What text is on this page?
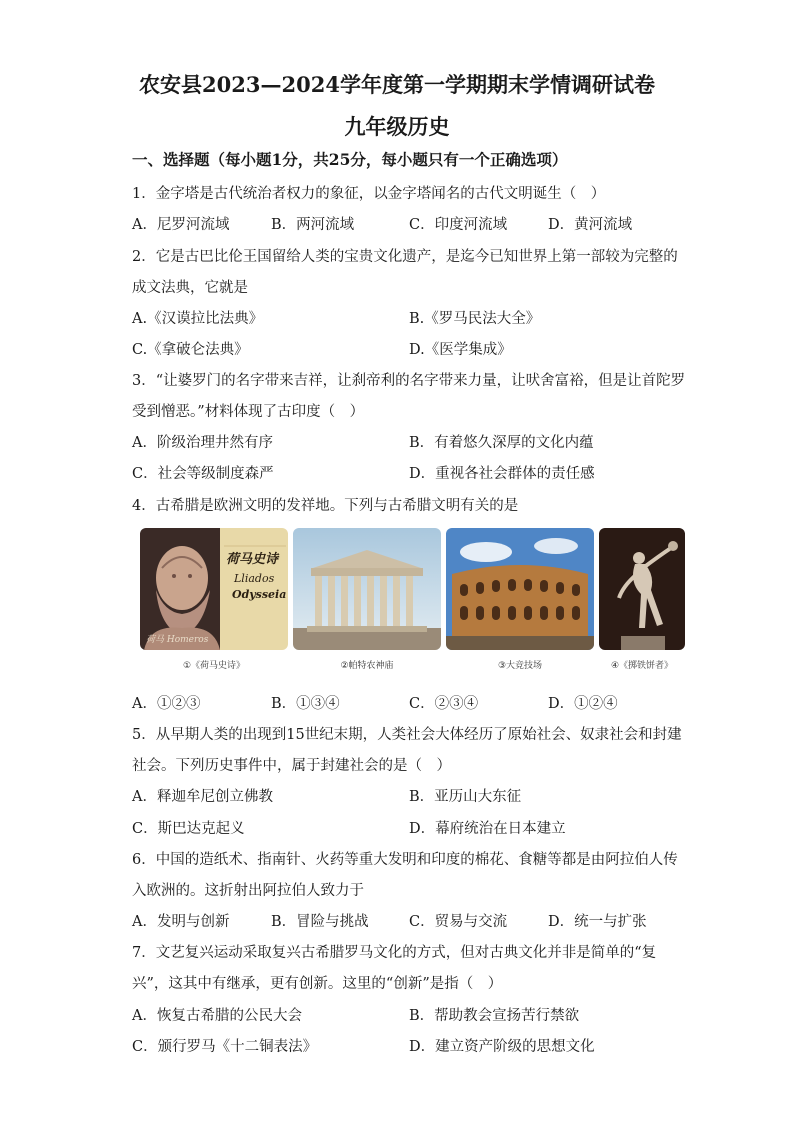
农安县2023—2024学年度第一学期期末学情调研试卷
九年级历史
一、选择题（每小题1分，共25分，每小题只有一个正确选项）
1．金字塔是古代统治者权力的象征，以金字塔闻名的古代文明诞生（　）
A．尼罗河流域	B．两河流域	C．印度河流域	D．黄河流域
2．它是古巴比伦王国留给人类的宝贵文化遗产，是迄今已知世界上第一部较为完整的
成文法典，它就是
A.《汉谟拉比法典》	B.《罗马民法大全》
C.《拿破仑法典》	D.《医学集成》
3．“让婆罗门的名字带来吉祥，让刹帝利的名字带来力量，让吠舍富裕，但是让首陀罗
受到憎恶。”材料体现了古印度（　）
A．阶级治理井然有序	B．有着悠久深厚的文化内蕴
C．社会等级制度森严	D．重视各社会群体的责任感
4．古希腊是欧洲文明的发祥地。下列与古希腊文明有关的是
荷马史诗
Lliados
Odysseia
荷马 Homeros
①《荷马史诗》	②帕特农神庙	③大竞技场	④《掷铁饼者》
A．①②③	B．①③④	C．②③④	D．①②④
5．从早期人类的出现到15世纪末期，人类社会大体经历了原始社会、奴隶社会和封建
社会。下列历史事件中，属于封建社会的是（　）
A．释迦牟尼创立佛教	B．亚历山大东征
C．斯巴达克起义	D．幕府统治在日本建立
6．中国的造纸术、指南针、火药等重大发明和印度的棉花、食糖等都是由阿拉伯人传
入欧洲的。这折射出阿拉伯人致力于
A．发明与创新	B．冒险与挑战	C．贸易与交流	D．统一与扩张
7．文艺复兴运动采取复兴古希腊罗马文化的方式，但对古典文化并非是简单的“复
兴”，这其中有继承，更有创新。这里的“创新”是指（　）
A．恢复古希腊的公民大会	B．帮助教会宣扬苦行禁欲
C．颁行罗马《十二铜表法》	D．建立资产阶级的思想文化
